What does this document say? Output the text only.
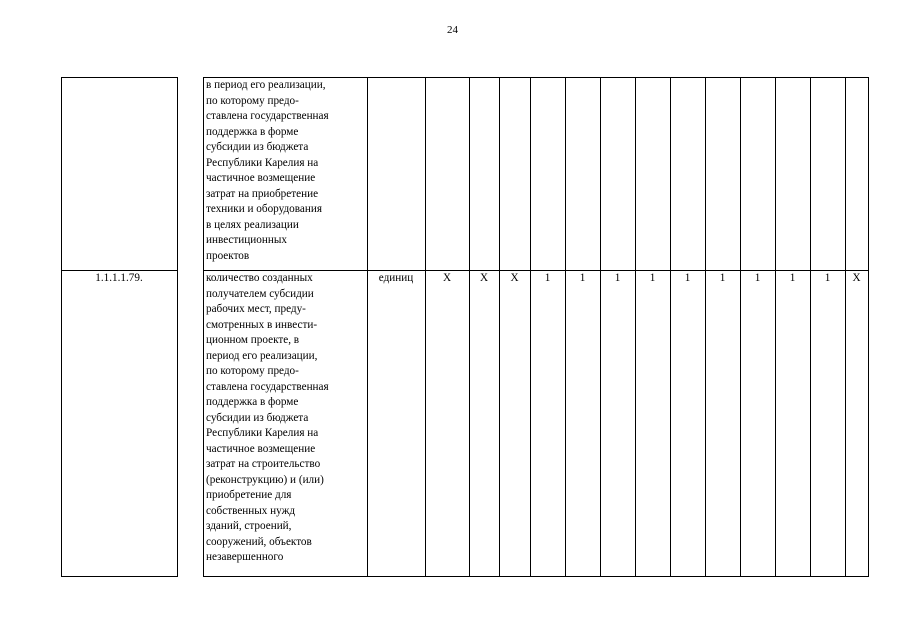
24
в период его реализации,
по которому предо-
ставлена государственная
поддержка в форме
субсидии из бюджета
Республики Карелия на
частичное возмещение
затрат на приобретение
техники и оборудования
в целях реализации
инвестиционных
проектов
1.1.1.1.79.	количество созданных
получателем субсидии
рабочих мест, преду-
смотренных в инвести-
ционном проекте, в
период его реализации,
по которому предо-
ставлена государственная
поддержка в форме
субсидии из бюджета
Республики Карелия на
частичное возмещение
затрат на строительство
(реконструкцию) и (или)
приобретение для
собственных нужд
зданий, строений,
сооружений, объектов
незавершенного
единиц	X	X	X	1	1	1	1	1	1	1	1	1	X
